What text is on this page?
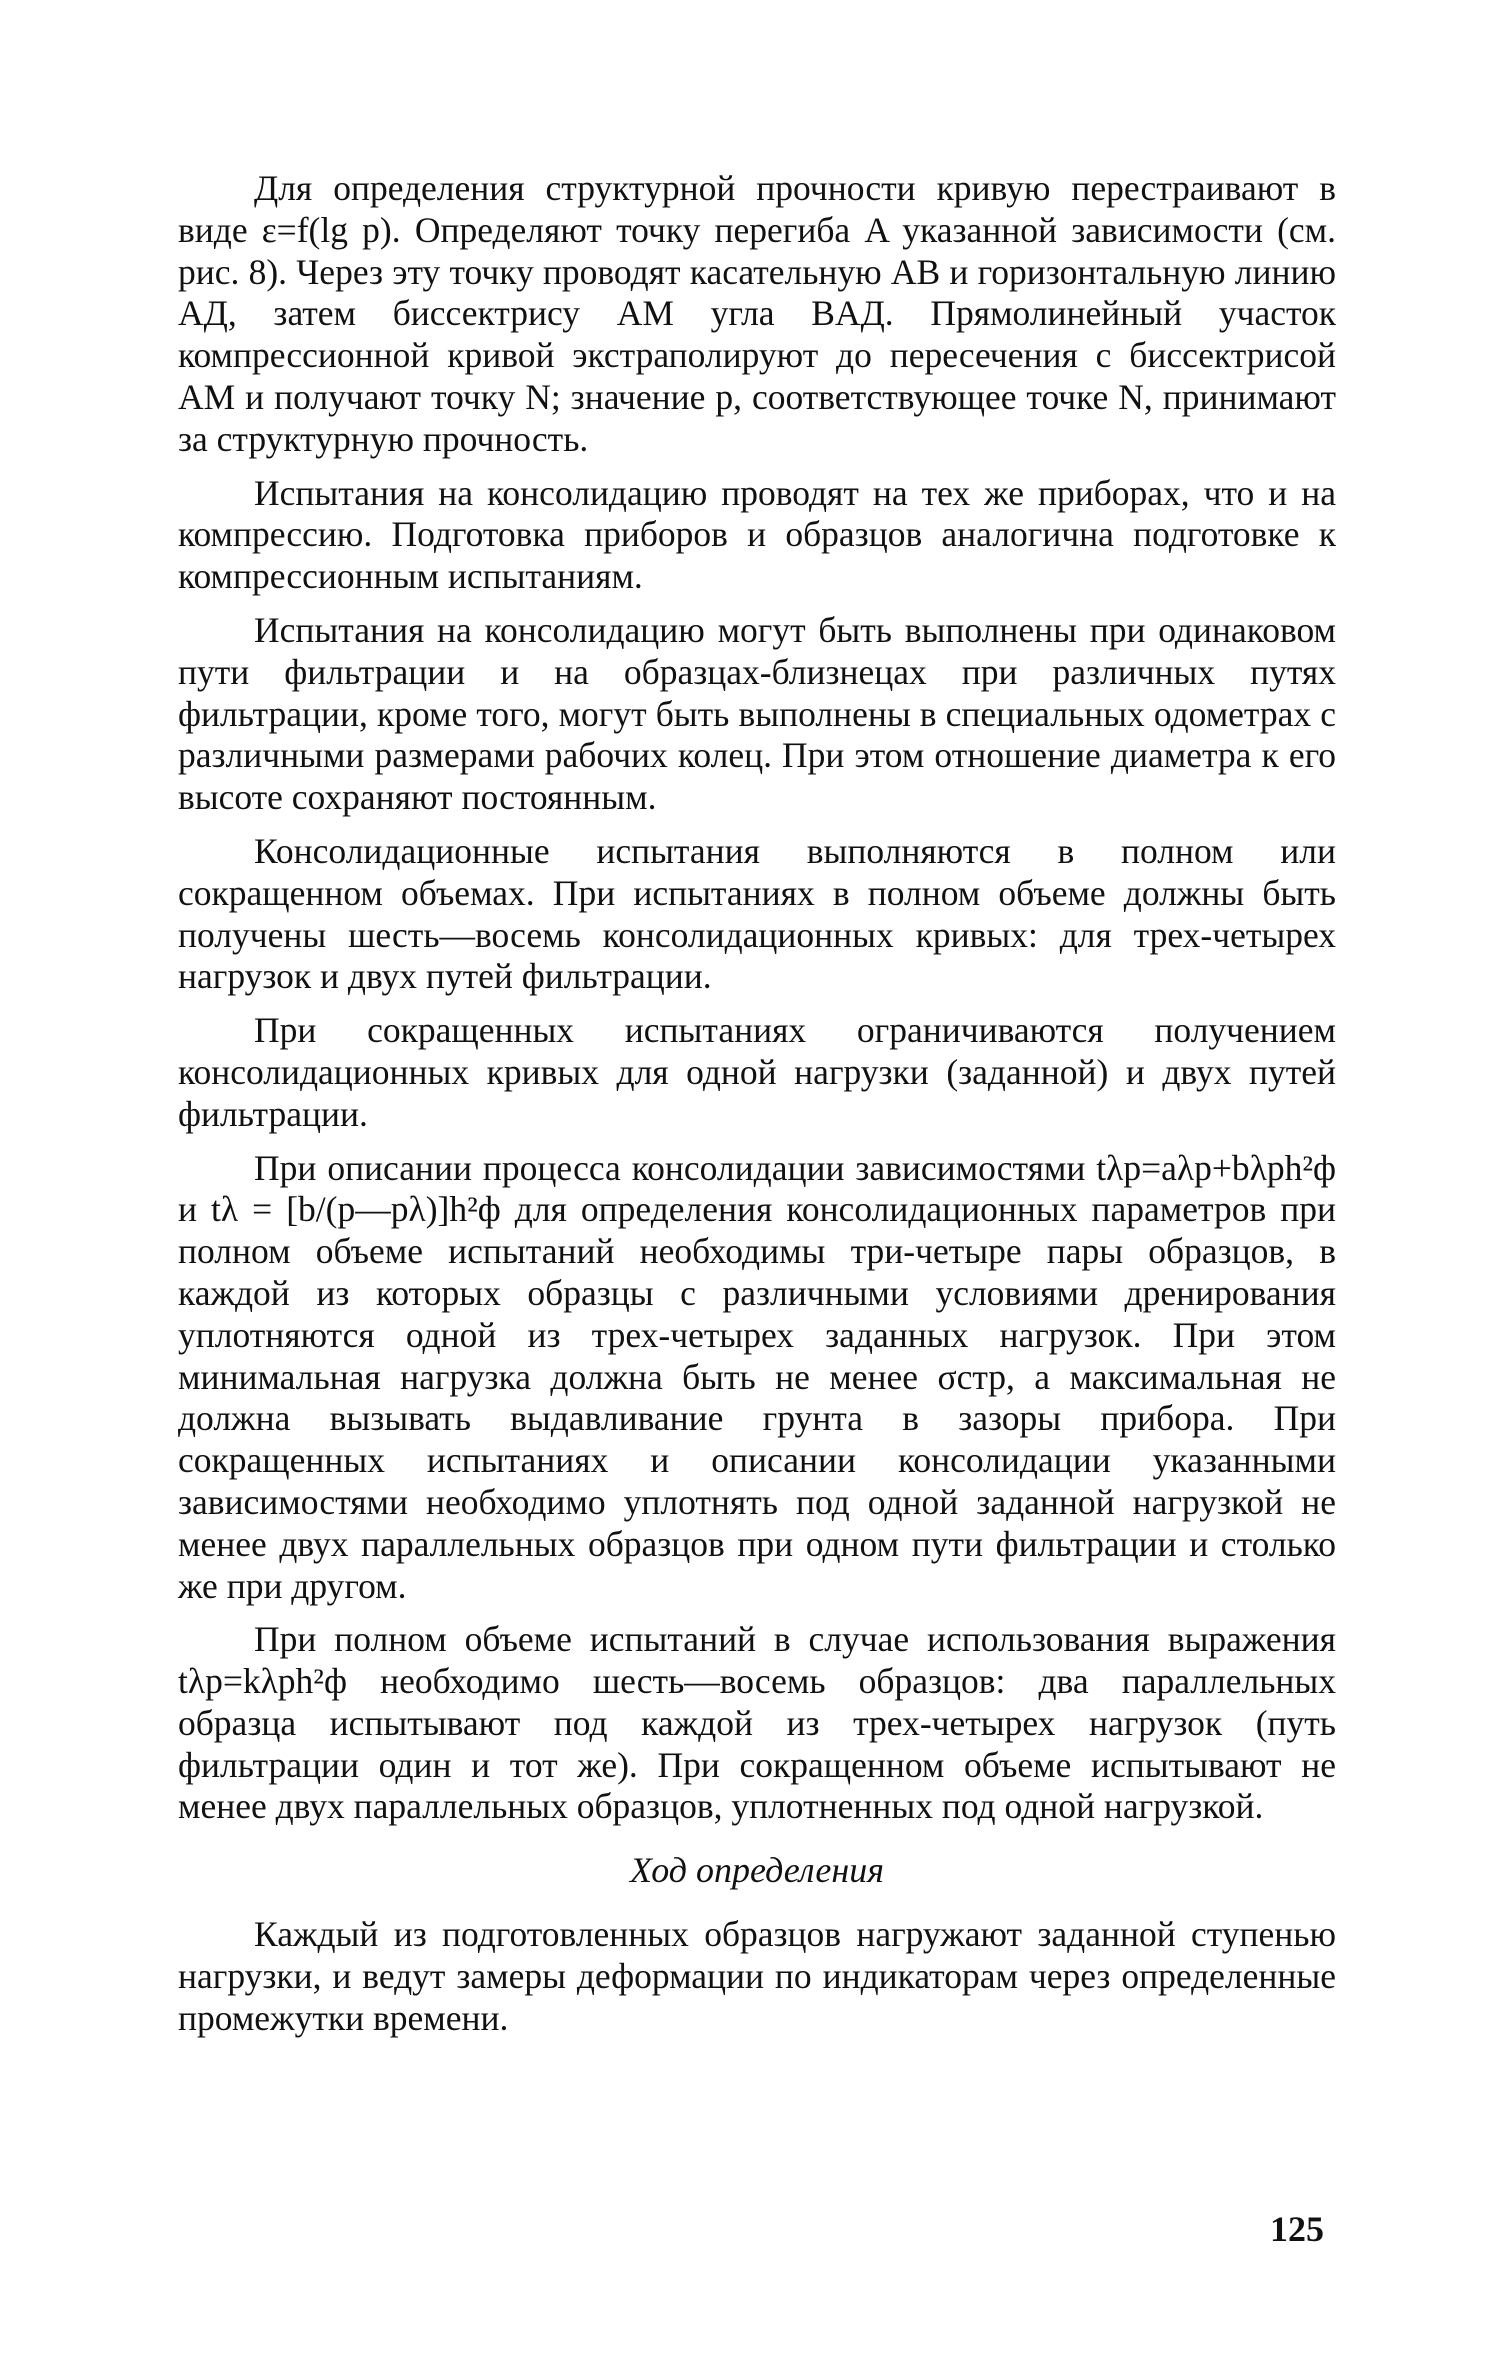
Для определения структурной прочности кривую перестраивают в виде ε=f(lg p). Определяют точку перегиба A указанной зависимости (см. рис. 8). Через эту точку проводят касательную AB и горизонтальную линию AД, затем биссектрису AM угла BAД. Прямолинейный участок компрессионной кривой экстраполируют до пересечения с биссектрисой AM и получают точку N; значение p, соответствующее точке N, принимают за структурную прочность.

Испытания на консолидацию проводят на тех же приборах, что и на компрессию. Подготовка приборов и образцов аналогична подготовке к компрессионным испытаниям.

Испытания на консолидацию могут быть выполнены при одинаковом пути фильтрации и на образцах-близнецах при различных путях фильтрации, кроме того, могут быть выполнены в специальных одометрах с различными размерами рабочих колец. При этом отношение диаметра к его высоте сохраняют постоянным.

Консолидационные испытания выполняются в полном или сокращенном объемах. При испытаниях в полном объеме должны быть получены шесть—восемь консолидационных кривых: для трех-четырех нагрузок и двух путей фильтрации.

При сокращенных испытаниях ограничиваются получением консолидационных кривых для одной нагрузки (заданной) и двух путей фильтрации.

При описании процесса консолидации зависимостями tλp=aλp+bλph²ф и tλ = [b/(p—pλ)]h²ф для определения консолидационных параметров при полном объеме испытаний необходимы три-четыре пары образцов, в каждой из которых образцы с различными условиями дренирования уплотняются одной из трех-четырех заданных нагрузок. При этом минимальная нагрузка должна быть не менее σстр, а максимальная не должна вызывать выдавливание грунта в зазоры прибора. При сокращенных испытаниях и описании консолидации указанными зависимостями необходимо уплотнять под одной заданной нагрузкой не менее двух параллельных образцов при одном пути фильтрации и столько же при другом.

При полном объеме испытаний в случае использования выражения tλp=kλph²ф необходимо шесть—восемь образцов: два параллельных образца испытывают под каждой из трех-четырех нагрузок (путь фильтрации один и тот же). При сокращенном объеме испытывают не менее двух параллельных образцов, уплотненных под одной нагрузкой.

Ход определения

Каждый из подготовленных образцов нагружают заданной ступенью нагрузки, и ведут замеры деформации по индикаторам через определенные промежутки времени.

125
